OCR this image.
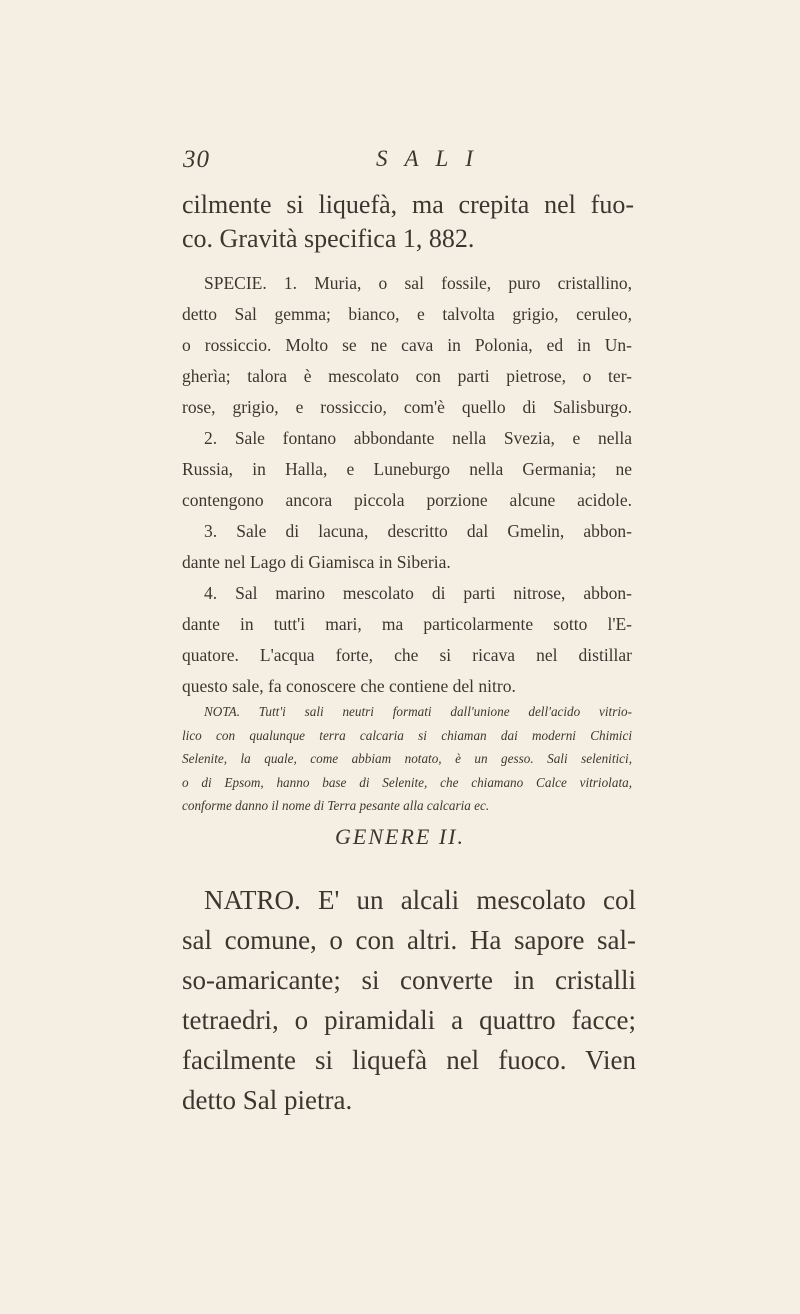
30	SALI
cilmente si liquefà, ma crepita nel fuo-
co. Gravità specifica 1, 882.
SPECIE. 1. Muria, o sal fossile, puro cristallino,
detto Sal gemma; bianco, e talvolta grigio, ceruleo,
o rossiccio. Molto se ne cava in Polonia, ed in Un-
gherìa; talora è mescolato con parti pietrose, o ter-
rose, grigio, e rossiccio, com'è quello di Salisburgo.
2. Sale fontano abbondante nella Svezia, e nella
Russia, in Halla, e Luneburgo nella Germania; ne
contengono ancora piccola porzione alcune acidole.
3. Sale di lacuna, descritto dal Gmelin, abbon-
dante nel Lago di Giamisca in Siberia.
4. Sal marino mescolato di parti nitrose, abbon-
dante in tutt'i mari, ma particolarmente sotto l'E-
quatore. L'acqua forte, che si ricava nel distillar
questo sale, fa conoscere che contiene del nitro.
NOTA. Tutt'i sali neutri formati dall'unione dell'acido vitrio-
lico con qualunque terra calcaria si chiaman dai moderni Chimici
Selenite, la quale, come abbiam notato, è un gesso. Sali selenitici,
o di Epsom, hanno base di Selenite, che chiamano Calce vitriolata,
conforme danno il nome di Terra pesante alla calcaria ec.
GENERE II.
NATRO. E' un alcali mescolato col
sal comune, o con altri. Ha sapore sal-
so-amaricante; si converte in cristalli
tetraedri, o piramidali a quattro facce;
facilmente si liquefà nel fuoco. Vien
detto Sal pietra.
